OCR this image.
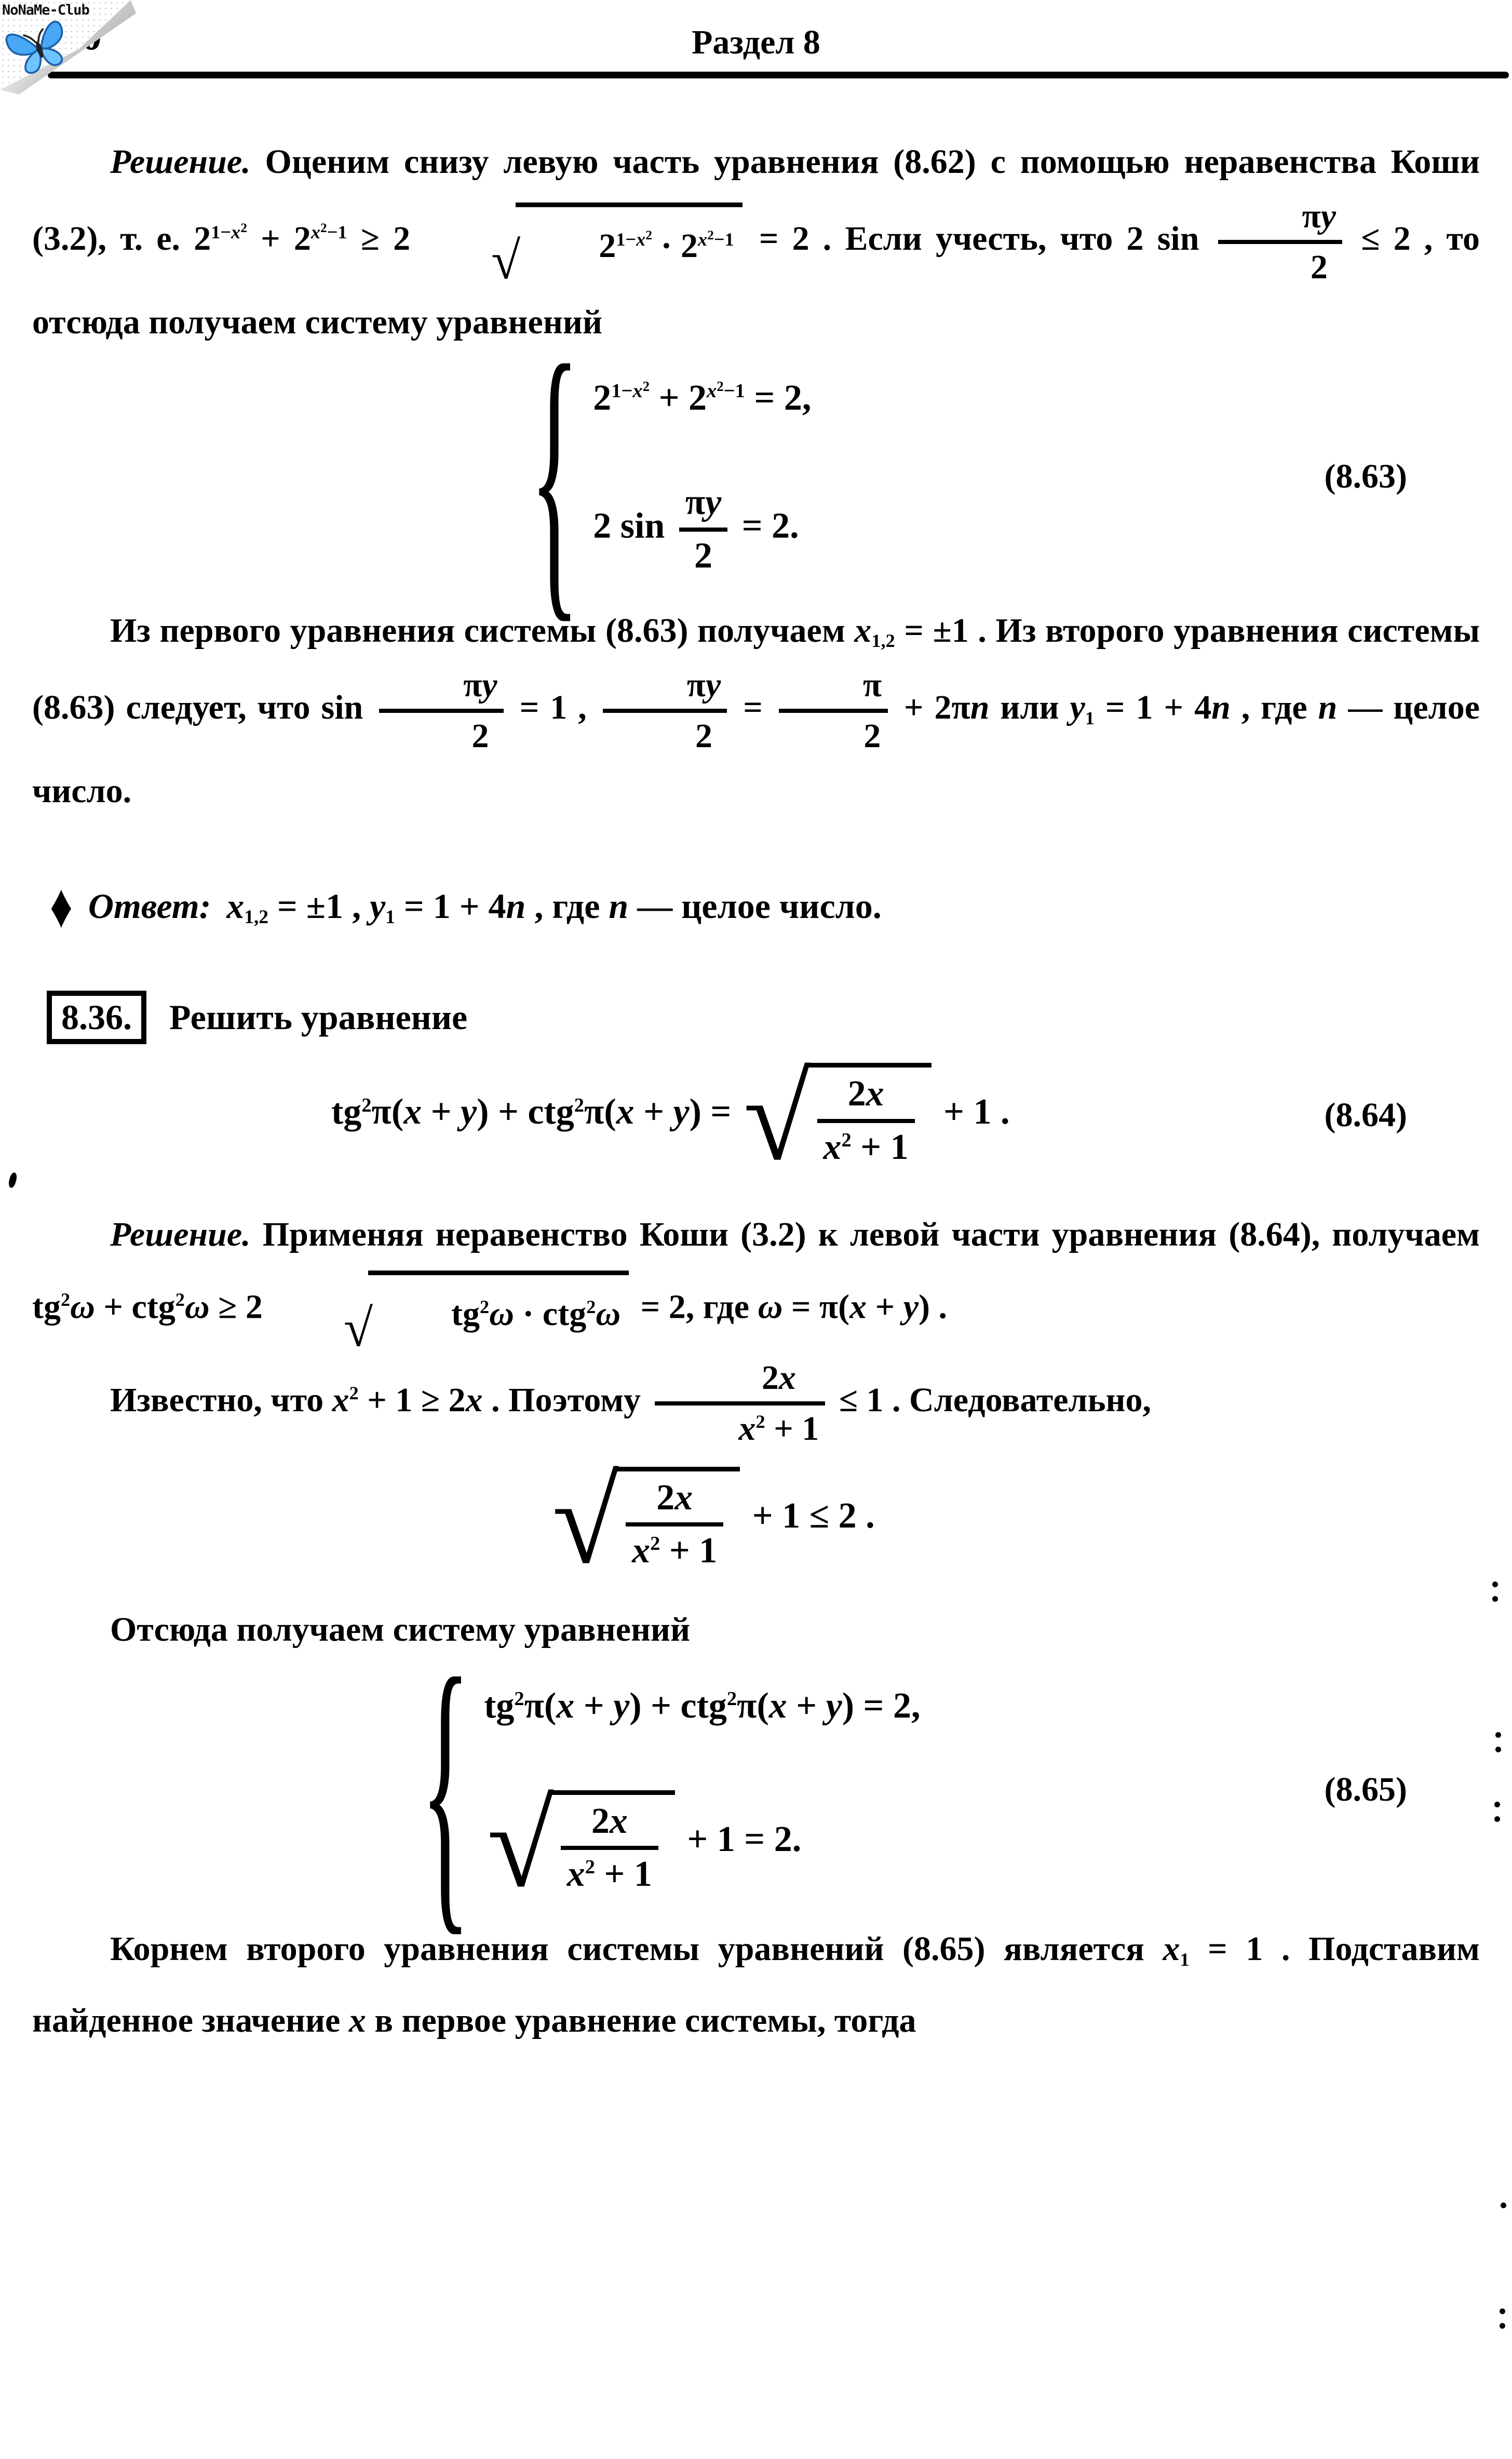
NoNaMe-Club
Раздел 8

Решение. Оценим снизу левую часть уравнения (8.62) с помощью неравенства Коши (3.2), т. е. $2^{1-x^2} + 2^{x^2-1} \ge 2$	√	$2^{1-x^2} \cdot 2^{x^2-1} = 2$ . Если учесть, что 2 $\sin \frac{\pi y}{2} \le 2$ , то отсюда получаем систему уравнений

{ $2^{1-x^2} + 2^{x^2-1} = 2$,
2 $\sin \frac{\pi y}{2} = 2$.
(8.63)

Из первого уравнения системы (8.63) получаем $x_{1,2} = \pm 1$ . Из второго уравнения системы (8.63) следует, что $\sin \frac{\pi y}{2} = 1$ , $\frac{\pi y}{2} = \frac{\pi}{2} + 2\pi n$ или $y_1 = 1 + 4n$ , где n — целое число.

♦ Ответ: $x_{1,2} = \pm 1$ , $y_1 = 1 + 4n$ , где n — целое число.
8.36.	Решить уравнение
$tg^2\pi(x + y) + ctg^2\pi(x + y)$ = √ $\frac{2x}{x^2 + 1} + 1$ .	(8.64)

Решение. Применяя неравенство Коши (3.2) к левой части уравнения (8.64), получаем $tg^2\omega + ctg^2\omega \ge 2$	√	$tg^2\omega \cdot ctg^2\omega = 2$, где ω = π(x + y) .

Известно, что $x^2 + 1 \ge 2x$ . Поэтому $\frac{2x}{x^2 + 1} \le 1$ . Следовательно,

√ $\frac{2x}{x^2 + 1} + 1 \le 2$ .

Отсюда получаем систему уравнений

{ $tg^2\pi(x + y) + ctg^2\pi(x + y) = 2$,
√ $\frac{2x}{x^2 + 1} + 1 = 2$.
(8.65)

Корнем второго уравнения системы уравнений (8.65) является $x_1 = 1$ . Подставим найденное значение x в первое уравнение системы, тогда
